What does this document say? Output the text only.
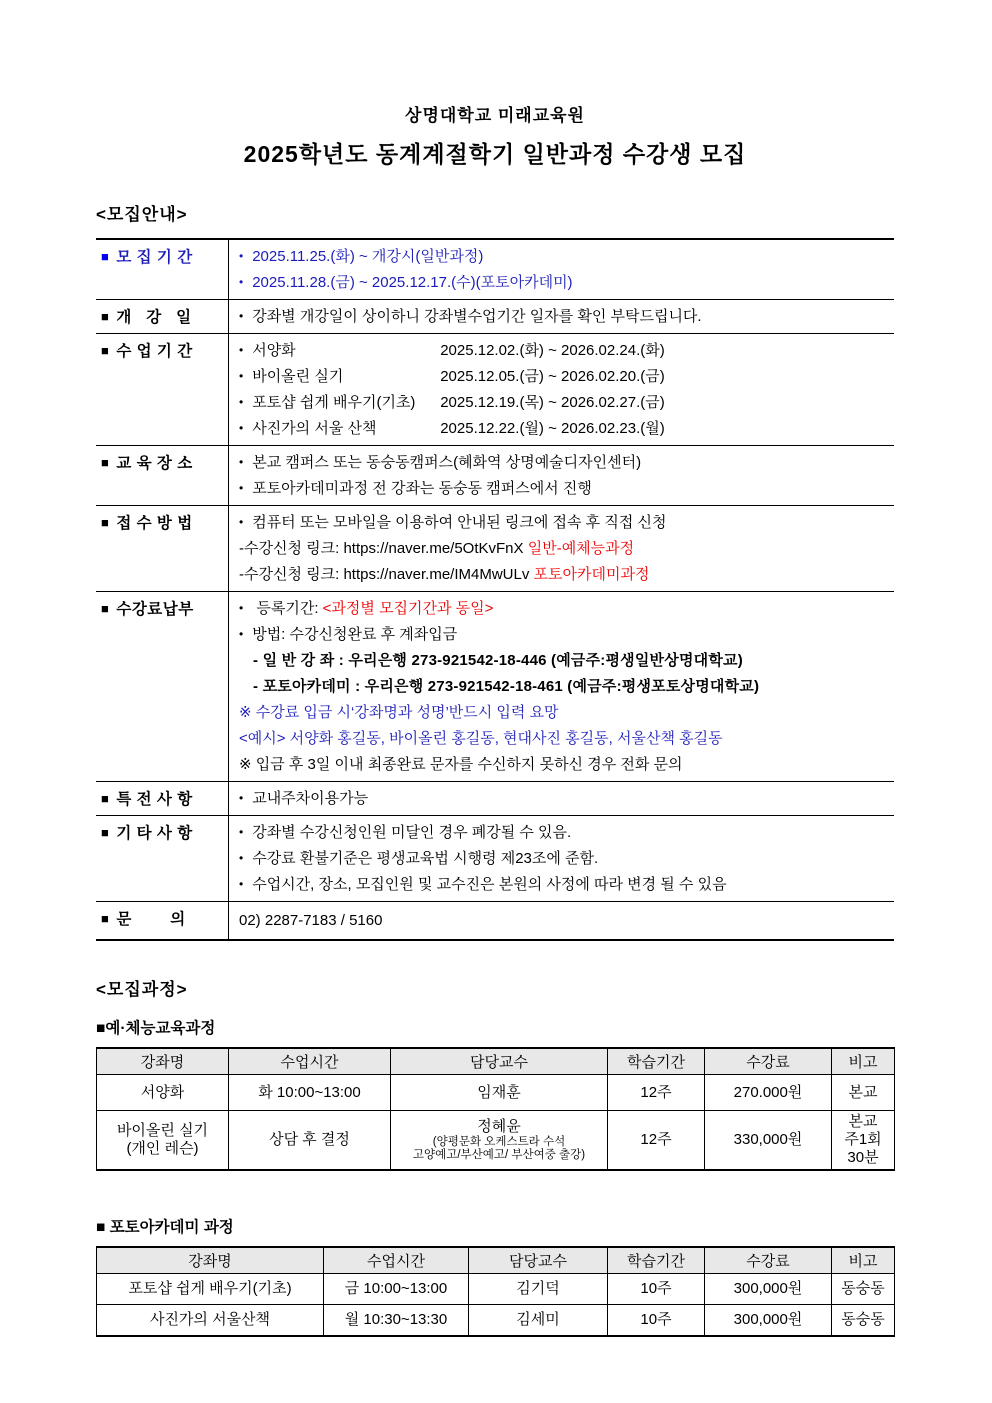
상명대학교 미래교육원
2025학년도 동계계절학기 일반과정 수강생 모집
<모집안내>
■ 모 집 기 간	• 2025.11.25.(화) ~ 개강시(일반과정)
• 2025.11.28.(금) ~ 2025.12.17.(수)(포토아카데미)
■ 개   강   일	• 강좌별 개강일이 상이하니 강좌별수업기간 일자를 확인 부탁드립니다.
■ 수 업 기 간	• 서양화	2025.12.02.(화) ~ 2026.02.24.(화)
• 바이올린 실기	2025.12.05.(금) ~ 2026.02.20.(금)
• 포토샵 쉽게 배우기(기초)	2025.12.19.(목) ~ 2026.02.27.(금)
• 사진가의 서울 산책	2025.12.22.(월) ~ 2026.02.23.(월)
■ 교 육 장 소	• 본교 캠퍼스 또는 동숭동캠퍼스(혜화역 상명예술디자인센터)
• 포토아카데미과정 전 강좌는 동숭동 캠퍼스에서 진행
■ 접 수 방 법	• 컴퓨터 또는 모바일을 이용하여 안내된 링크에 접속 후 직접 신청
-수강신청 링크: https://naver.me/5OtKvFnX 일반-예체능과정
-수강신청 링크: https://naver.me/IM4MwULv 포토아카데미과정
■ 수강료납부	• 등록기간: <과정별 모집기간과 동일>
• 방법: 수강신청완료 후 계좌입금
- 일 반 강 좌 : 우리은행 273-921542-18-446 (예금주:평생일반상명대학교)
- 포토아카데미 : 우리은행 273-921542-18-461 (예금주:평생포토상명대학교)
※ 수강료 입금 시‘강좌명과 성명’반드시 입력 요망
<예시> 서양화 홍길동, 바이올린 홍길동, 현대사진 홍길동, 서울산책 홍길동
※ 입금 후 3일 이내 최종완료 문자를 수신하지 못하신 경우 전화 문의
■ 특 전 사 항	• 교내주차이용가능
■ 기 타 사 항	• 강좌별 수강신청인원 미달인 경우 폐강될 수 있음.
• 수강료 환불기준은 평생교육법 시행령 제23조에 준함.
• 수업시간, 장소, 모집인원 및 교수진은 본원의 사정에 따라 변경 될 수 있음
■ 문        의	02) 2287-7183 / 5160
<모집과정>
■예·체능교육과정
강좌명	수업시간	담당교수	학습기간	수강료	비고
서양화	화 10:00~13:00	임재훈	12주	270.000원	본교

바이올린 실기
(개인 레슨)	상담 후 결정	정혜윤
(양평문화 오케스트라 수석
고양예고/부산예고/ 부산여중 출강)	12주	330,000원	본교
주1회 30분
■ 포토아카데미 과정
강좌명	수업시간	담당교수	학습기간	수강료	비고
포토샵 쉽게 배우기(기초)	금 10:00~13:00	김기덕	10주	300,000원	동숭동
사진가의 서울산책	월 10:30~13:30	김세미	10주	300,000원	동숭동
